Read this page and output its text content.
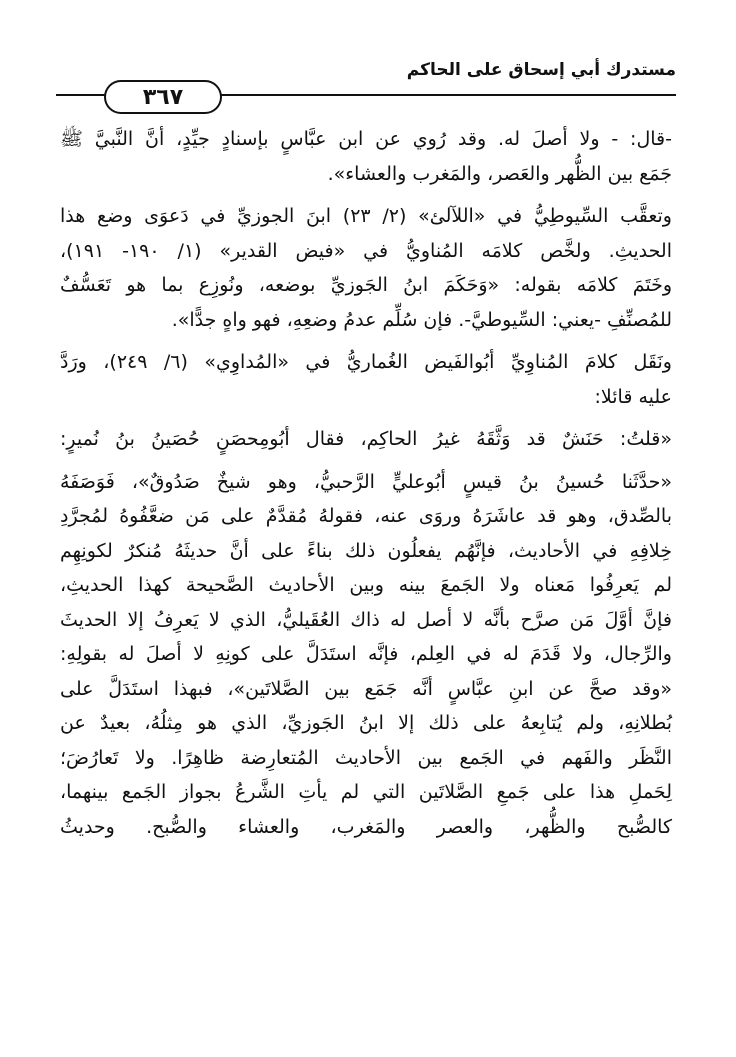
مستدرك أبي إسحاق على الحاكم
٣٦٧
-قال: - ولا أصلَ له. وقد رُوي عن ابن عبَّاسٍ بإسنادٍ جيِّدٍ، أنَّ النَّبيَّ ﷺ
جَمَع بين الظُّهر والعَصر، والمَغرب والعشاء».
وتعقَّب السِّيوطِيُّ في «اللآلئ» (٢/ ٢٣) ابنَ الجوزيِّ في دَعوَى وضع هذا
الحديثِ. ولخَّص كلامَه المُناويُّ في «فيض القدير» (١/ ١٩٠- ١٩١)،
وخَتَمَ كلامَه بقوله: «وَحَكَمَ ابنُ الجَوزيِّ بوضعه، ونُوزِع بما هو تَعَسُّفٌ
للمُصنِّفِ -يعني: السِّيوطيَّ-. فإن سُلِّم عدمُ وضعِهِ، فهو واهٍ جدًّا».
ونَقَل كلامَ المُناوِيِّ أبُوالفَيض الغُماريُّ في «المُداوِي» (٦/ ٢٤٩)، ورَدَّ
عليه قائلا:
«قلتُ: حَنَشٌ قد وَثَّقَهُ غيرُ الحاكِم، فقال أبُومِحصَنٍ حُصَينُ بنُ نُميرٍ:
«حدَّثَنا حُسينُ بنُ قيسٍ أبُوعليٍّ الرَّحبيُّ، وهو شيخٌ صَدُوقٌ»، فَوَصَفَهُ
بالصِّدق، وهو قد عاشَرَهُ وروَى عنه، فقولهُ مُقدَّمٌ على مَن ضعَّفُوهُ لمُجرَّدِ
خِلافِهِ في الأحاديث، فإنَّهُم يفعلُون ذلك بناءً على أنَّ حديثَهُ مُنكرٌ لكونِهِم
لم يَعرِفُوا مَعناه ولا الجَمعَ بينه وبين الأحاديث الصَّحيحة كهذا الحديثِ،
فإنَّ أوَّلَ مَن صرَّح بأنَّه لا أصل له ذاك العُقَيليُّ، الذي لا يَعرِفُ إلا الحديثَ
والرِّجال، ولا قَدَمَ له في العِلم، فإنَّه استَدَلَّ على كونِهِ لا أصلَ له بقولِهِ:
«وقد صحَّ عن ابنِ عبَّاسٍ أنَّه جَمَع بين الصَّلاتَين»، فبهذا استَدَلَّ على
بُطلانِهِ، ولم يُتابِعهُ على ذلك إلا ابنُ الجَوزيِّ، الذي هو مِثلُهُ، بعيدٌ عن
النَّظَر والفَهم في الجَمع بين الأحاديث المُتعارِضة ظاهِرًا. ولا تَعارُضَ؛
لِحَملِ هذا على جَمعِ الصَّلاتَين التي لم يأتِ الشَّرعُ بجواز الجَمع بينهما،
كالصُّبح والظُّهر، والعصر والمَغرب، والعشاء والصُّبح. وحديثُ
